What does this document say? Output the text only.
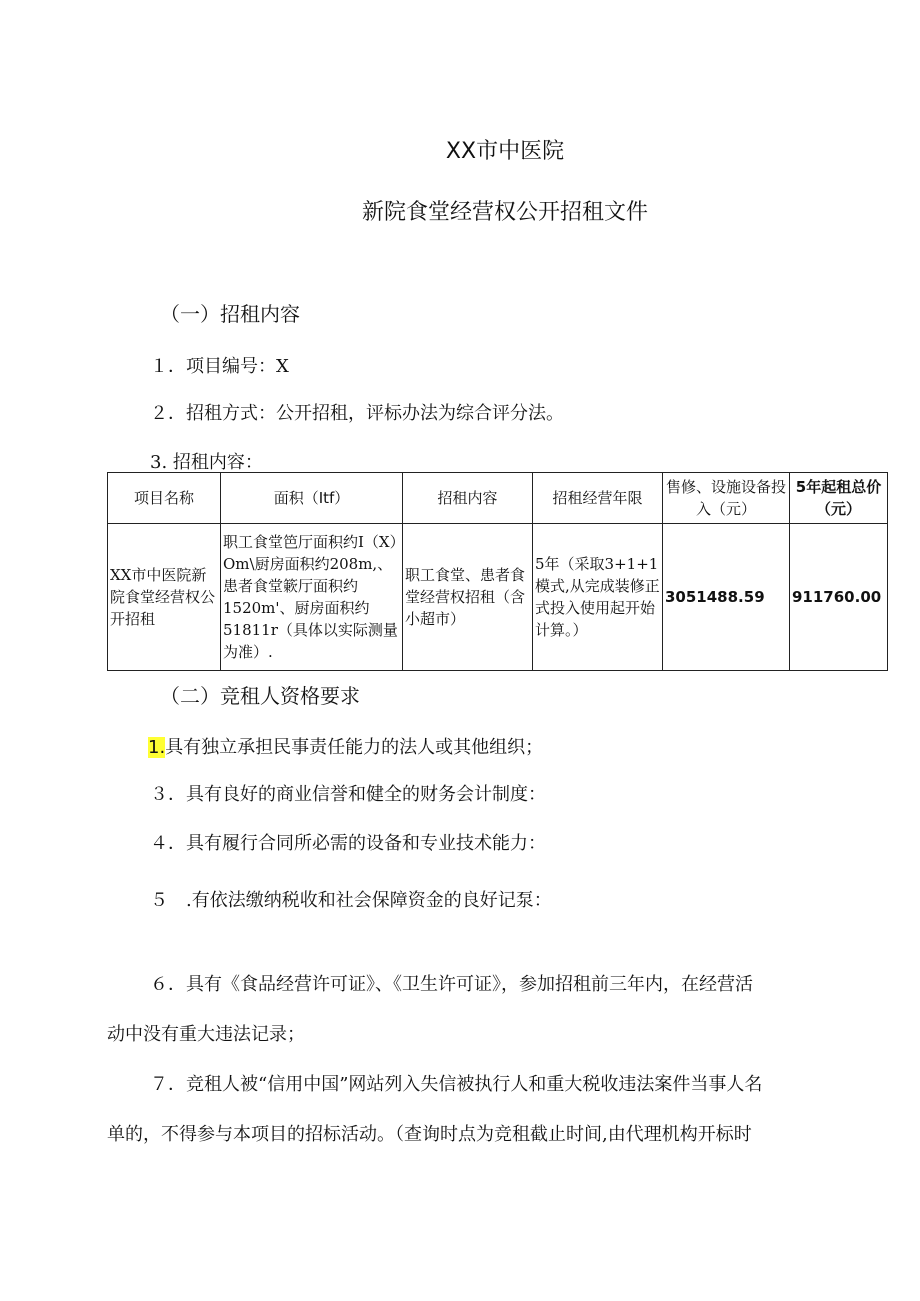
XX市中医院
新院食堂经营权公开招租文件
（一）招租内容
１．项目编号：X
２．招租方式：公开招租，评标办法为综合评分法。
3. 招租内容：
项目名称	面积（Itf）	招租内容	招租经营年限	售修、设施设备投入（元）	5年起租总价（元）
XX市中医院新院食堂经营权公开招租	职工食堂笆厅面积约I（X）Om\厨房面积约208m,、患者食堂簌厅面积约1520m'、厨房面积约51811r（具体以实际测量为准）.	职工食堂、患者食堂经营权招租（含小超市）	5年（采取3+1+1模式,从完成装修正式投入使用起开始计算。）	3051488.59	911760.00
（二）竞租人资格要求
1.具有独立承担民事责任能力的法人或其他组织；
３．具有良好的商业信誉和健全的财务会计制度：
４．具有履行合同所必需的设备和专业技术能力：
５　.有依法缴纳税收和社会保障资金的良好记泵：
６．具有《食品经营许可证》、《卫生许可证》，参加招租前三年内，在经营活
动中没有重大违法记录；
７．竞租人被“信用中国”网站列入失信被执行人和重大税收违法案件当事人名
单的，不得参与本项目的招标活动。（查询时点为竞租截止时间,由代理机构开标时
